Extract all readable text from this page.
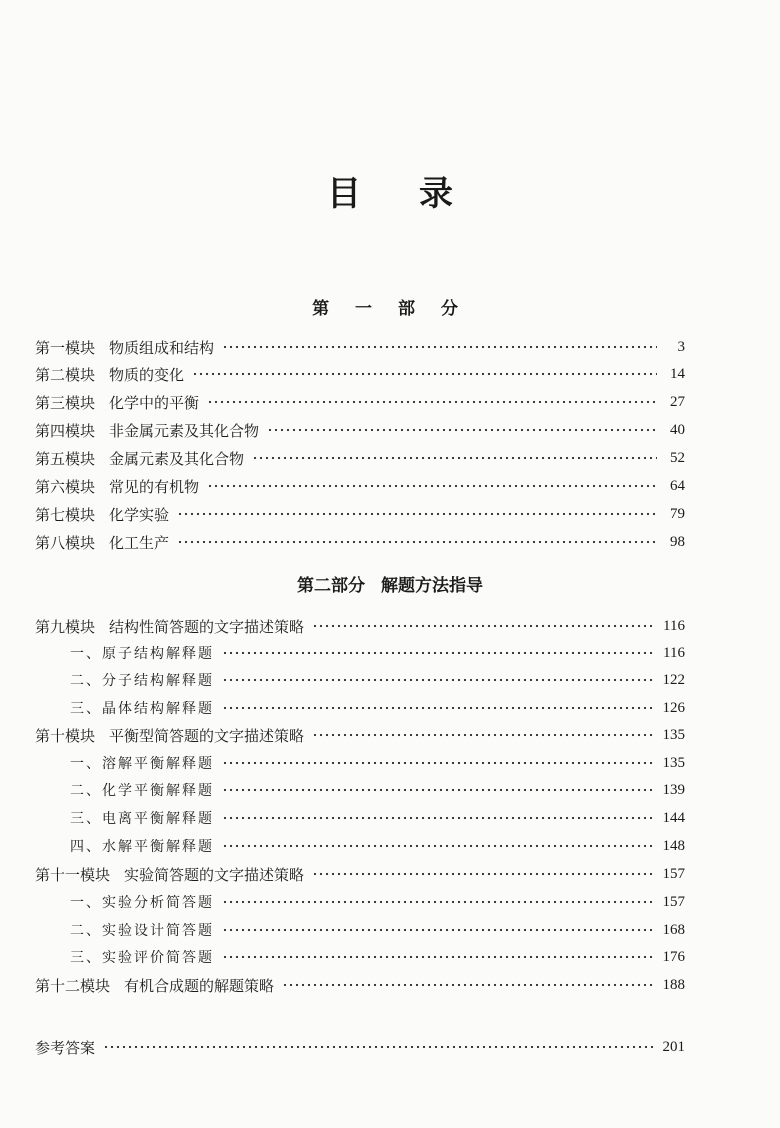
目 录
第 一 部 分
第一模块 物质组成和结构	3
第二模块 物质的变化	14
第三模块 化学中的平衡	27
第四模块 非金属元素及其化合物	40
第五模块 金属元素及其化合物	52
第六模块 常见的有机物	64
第七模块 化学实验	79
第八模块 化工生产	98
第二部分 解题方法指导
第九模块 结构性简答题的文字描述策略	116
一、原子结构解释题	116
二、分子结构解释题	122
三、晶体结构解释题	126
第十模块 平衡型简答题的文字描述策略	135
一、溶解平衡解释题	135
二、化学平衡解释题	139
三、电离平衡解释题	144
四、水解平衡解释题	148
第十一模块 实验简答题的文字描述策略	157
一、实验分析简答题	157
二、实验设计简答题	168
三、实验评价简答题	176
第十二模块 有机合成题的解题策略	188
参考答案	201
